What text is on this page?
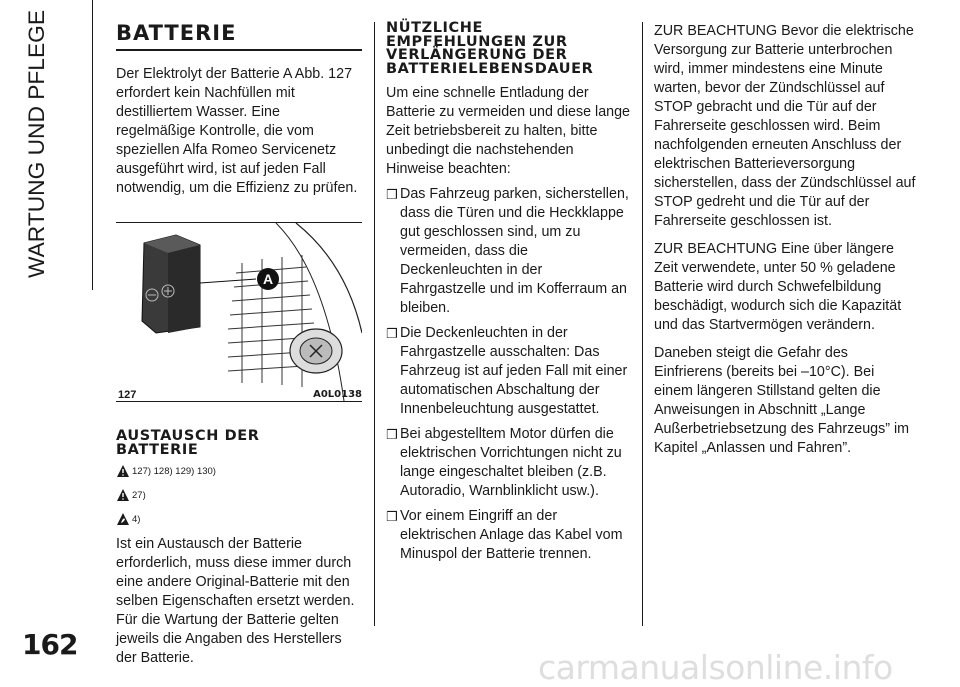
WARTUNG UND PFLEGE	BATTERIE

Der Elektrolyt der Batterie A Abb. 127 erfordert kein Nachfüllen mit destilliertem Wasser. Eine regelmäßige Kontrolle, die vom speziellen Alfa Romeo Servicenetz ausgeführt wird, ist auf jeden Fall notwendig, um die Effizienz zu prüfen.

A
127	A0L0138
AUSTAUSCH DER
BATTERIE
127) 128) 129) 130)
27)
4)

Ist ein Austausch der Batterie erforderlich, muss diese immer durch eine andere Original-Batterie mit den selben Eigenschaften ersetzt werden. Für die Wartung der Batterie gelten jeweils die Angaben des Herstellers der Batterie.

NÜTZLICHE
EMPFEHLUNGEN ZUR
VERLÄNGERUNG DER
BATTERIELEBENSDAUER

Um eine schnelle Entladung der Batterie zu vermeiden und diese lange Zeit betriebsbereit zu halten, bitte unbedingt die nachstehenden Hinweise beachten:

❒ Das Fahrzeug parken, sicherstellen, dass die Türen und die Heckklappe gut geschlossen sind, um zu vermeiden, dass die Deckenleuchten in der Fahrgastzelle und im Kofferraum an bleiben.
❒ Die Deckenleuchten in der Fahrgastzelle ausschalten: Das Fahrzeug ist auf jeden Fall mit einer automatischen Abschaltung der Innenbeleuchtung ausgestattet.
❒ Bei abgestelltem Motor dürfen die elektrischen Vorrichtungen nicht zu lange eingeschaltet bleiben (z.B. Autoradio, Warnblinklicht usw.).
❒ Vor einem Eingriff an der elektrischen Anlage das Kabel vom Minuspol der Batterie trennen.

ZUR BEACHTUNG Bevor die elektrische Versorgung zur Batterie unterbrochen wird, immer mindestens eine Minute warten, bevor der Zündschlüssel auf STOP gebracht und die Tür auf der Fahrerseite geschlossen wird. Beim nachfolgenden erneuten Anschluss der elektrischen Batterieversorgung sicherstellen, dass der Zündschlüssel auf STOP gedreht und die Tür auf der Fahrerseite geschlossen ist.

ZUR BEACHTUNG Eine über längere Zeit verwendete, unter 50 % geladene Batterie wird durch Schwefelbildung beschädigt, wodurch sich die Kapazität und das Startvermögen verändern.

Daneben steigt die Gefahr des Einfrierens (bereits bei –10°C). Bei einem längeren Stillstand gelten die Anweisungen in Abschnitt „Lange Außerbetriebsetzung des Fahrzeugs” im Kapitel „Anlassen und Fahren”.

162
carmanualsonline.info
